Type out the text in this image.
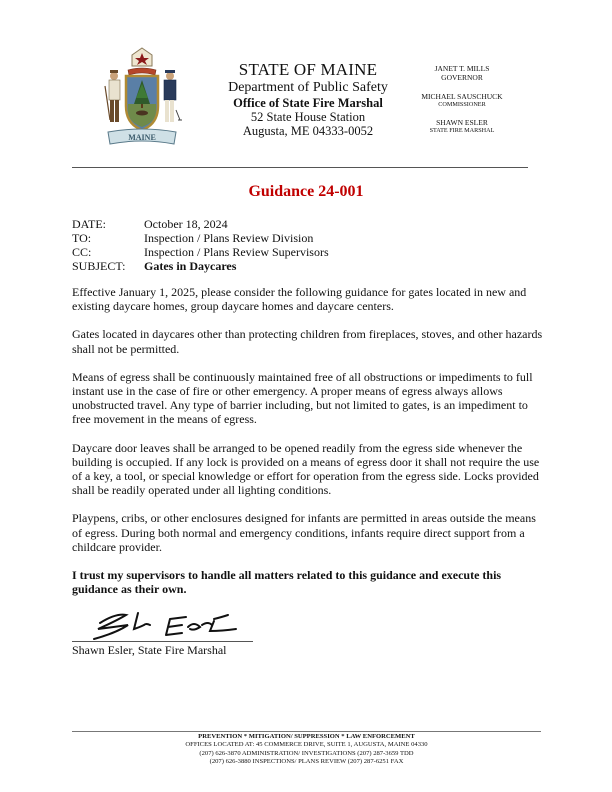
MAINE
STATE OF MAINE
Department of Public Safety
Office of State Fire Marshal
52 State House Station
Augusta, ME 04333-0052
JANET T. MILLS
GOVERNOR
MICHAEL SAUSCHUCK
COMMISSIONER
SHAWN ESLER
STATE FIRE MARSHAL
Guidance 24-001
DATE:	October 18, 2024
TO:	Inspection / Plans Review Division
CC:	Inspection / Plans Review Supervisors
SUBJECT:	Gates in Daycares

Effective January 1, 2025, please consider the following guidance for gates located in new and existing daycare homes, group daycare homes and daycare centers.

Gates located in daycares other than protecting children from fireplaces, stoves, and other hazards shall not be permitted.

Means of egress shall be continuously maintained free of all obstructions or impediments to full instant use in the case of fire or other emergency. A proper means of egress always allows unobstructed travel. Any type of barrier including, but not limited to gates, is an impediment to free movement in the means of egress.

Daycare door leaves shall be arranged to be opened readily from the egress side whenever the building is occupied. If any lock is provided on a means of egress door it shall not require the use of a key, a tool, or special knowledge or effort for operation from the egress side. Locks provided shall be readily operated under all lighting conditions.

Playpens, cribs, or other enclosures designed for infants are permitted in areas outside the means of egress. During both normal and emergency conditions, infants require direct support from a childcare provider.

I trust my supervisors to handle all matters related to this guidance and execute this guidance as their own.

Shawn Esler, State Fire Marshal
PREVENTION * MITIGATION/ SUPPRESSION * LAW ENFORCEMENT
OFFICES LOCATED AT: 45 COMMERCE DRIVE, SUITE 1, AUGUSTA, MAINE 04330
(207) 626-3870 ADMINISTRATION/ INVESTIGATIONS (207) 287-3659 TDD
(207) 626-3880 INSPECTIONS/ PLANS REVIEW (207) 287-6251 FAX
